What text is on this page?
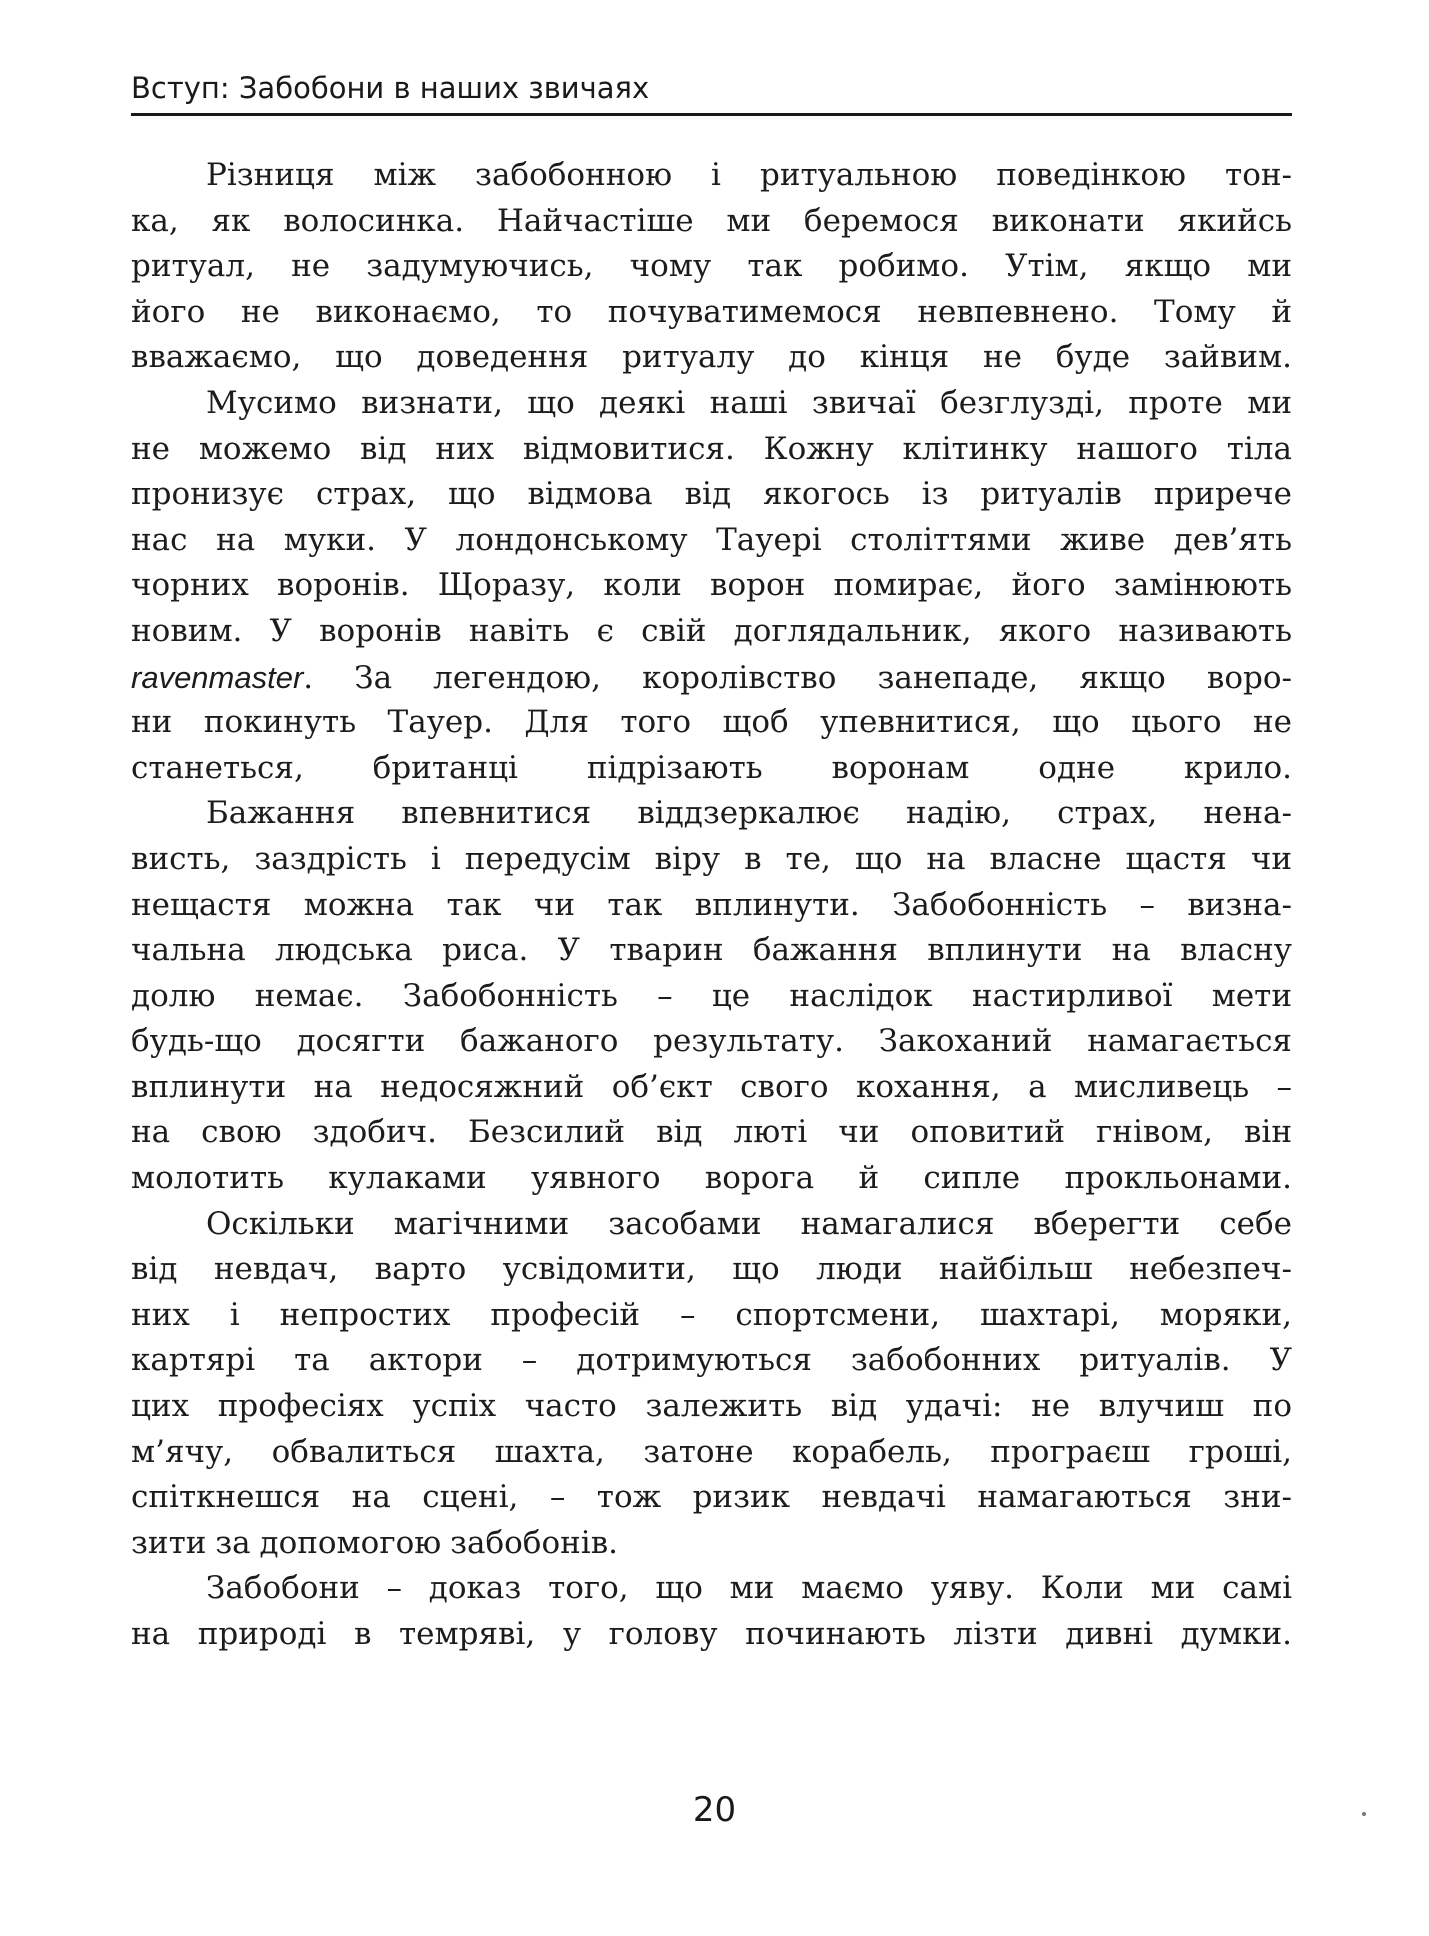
Вступ: Забобони в наших звичаях
Різниця між забобонною і ритуальною поведінкою тон-
ка, як волосинка. Найчастіше ми беремося виконати якийсь
ритуал, не задумуючись, чому так робимо. Утім, якщо ми
його не виконаємо, то почуватимемося невпевнено. Тому й
вважаємо, що доведення ритуалу до кінця не буде зайвим.
Мусимо визнати, що деякі наші звичаї безглузді, проте ми
не можемо від них відмовитися. Кожну клітинку нашого тіла
пронизує страх, що відмова від якогось із ритуалів прирече
нас на муки. У лондонському Тауері століттями живе дев’ять
чорних воронів. Щоразу, коли ворон помирає, його замінюють
новим. У воронів навіть є свій доглядальник, якого називають
ravenmaster. За легендою, королівство занепаде, якщо воро-
ни покинуть Тауер. Для того щоб упевнитися, що цього не
станеться, британці підрізають воронам одне крило.
Бажання впевнитися віддзеркалює надію, страх, нена-
висть, заздрість і передусім віру в те, що на власне щастя чи
нещастя можна так чи так вплинути. Забобонність – визна-
чальна людська риса. У тварин бажання вплинути на власну
долю немає. Забобонність – це наслідок настирливої мети
будь-що досягти бажаного результату. Закоханий намагається
вплинути на недосяжний об’єкт свого кохання, а мисливець –
на свою здобич. Безсилий від люті чи оповитий гнівом, він
молотить кулаками уявного ворога й сипле прокльонами.
Оскільки магічними засобами намагалися вберегти себе
від невдач, варто усвідомити, що люди найбільш небезпеч-
них і непростих професій – спортсмени, шахтарі, моряки,
картярі та актори – дотримуються забобонних ритуалів. У
цих професіях успіх часто залежить від удачі: не влучиш по
м’ячу, обвалиться шахта, затоне корабель, програєш гроші,
спіткнешся на сцені, – тож ризик невдачі намагаються зни-
зити за допомогою забобонів.
Забобони – доказ того, що ми маємо уяву. Коли ми самі
на природі в темряві, у голову починають лізти дивні думки.
20
